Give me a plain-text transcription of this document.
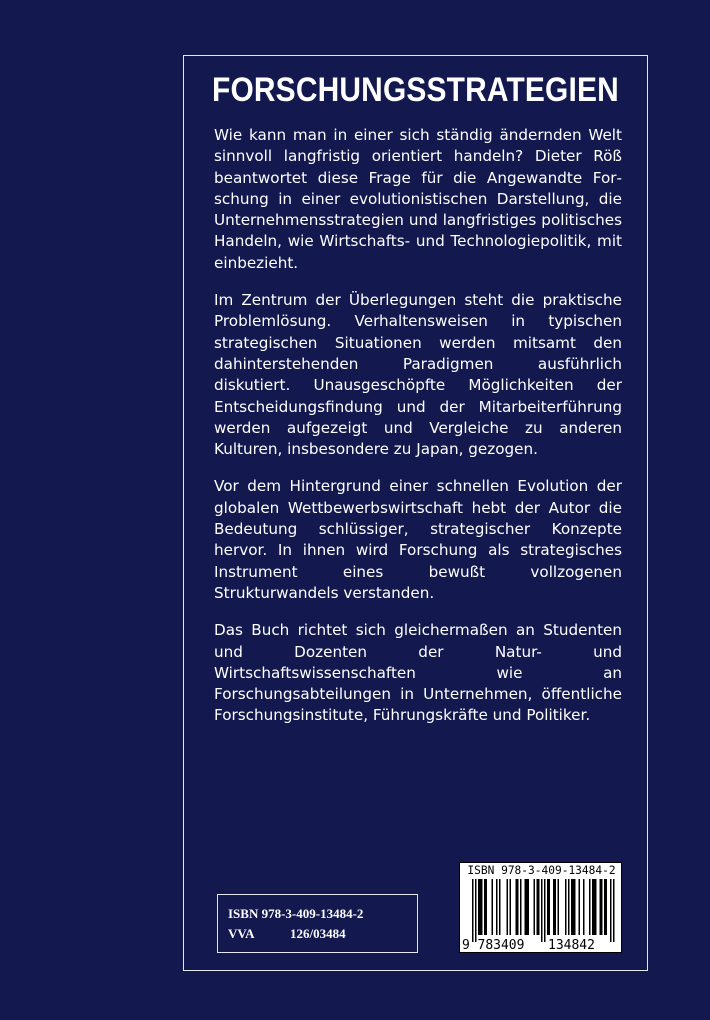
FORSCHUNGSSTRATEGIEN

Wie kann man in einer sich ständig ändernden Welt sinnvoll langfristig orientiert handeln? Dieter Röß beantwortet diese Frage für die Angewandte Forschung in einer evolutionistischen Darstellung, die Unternehmensstrategien und langfristiges politisches Handeln, wie Wirtschafts- und Technologiepolitik, mit einbezieht.

Im Zentrum der Überlegungen steht die praktische Problemlösung. Verhaltensweisen in typischen strategischen Situationen werden mitsamt den dahinterstehenden Paradigmen ausführlich diskutiert. Unausgeschöpfte Möglichkeiten der Entscheidungsfindung und der Mitarbeiterführung werden aufgezeigt und Vergleiche zu anderen Kulturen, insbesondere zu Japan, gezogen.

Vor dem Hintergrund einer schnellen Evolution der globalen Wettbewerbswirtschaft hebt der Autor die Bedeutung schlüssiger, strategischer Konzepte hervor. In ihnen wird Forschung als strategisches Instrument eines bewußt vollzogenen Strukturwandels verstanden.

Das Buch richtet sich gleichermaßen an Studenten und Dozenten der Natur- und Wirtschaftswissenschaften wie an Forschungsabteilungen in Unternehmen, öffentliche Forschungsinstitute, Führungskräfte und Politiker.

ISBN 978-3-409-13484-2
VVA	126/03484
ISBN 978-3-409-13484-2
9 783409 134842
